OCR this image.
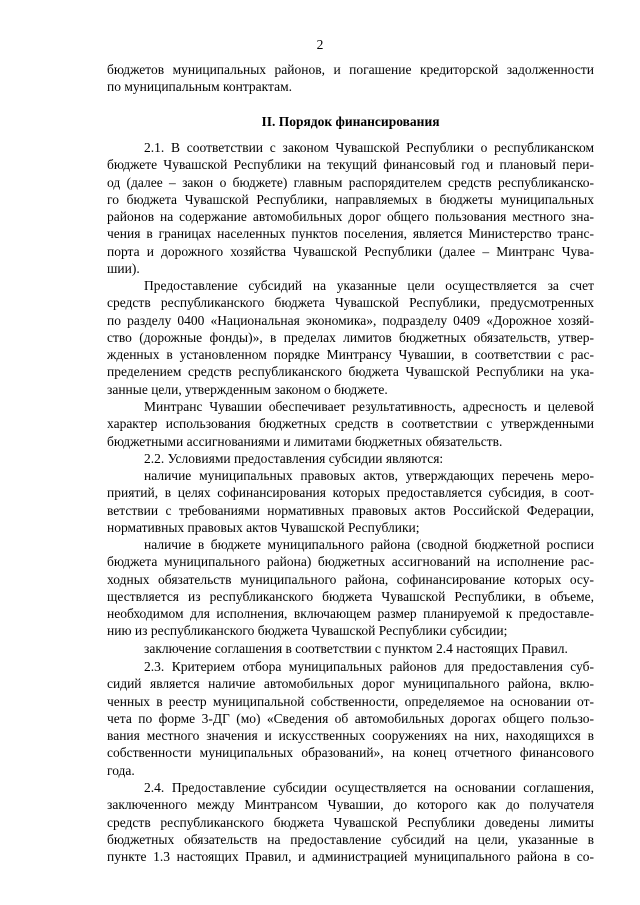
2
бюджетов муниципальных районов, и погашение кредиторской задолженности
по муниципальным контрактам.
II. Порядок финансирования
2.1. В соответствии с законом Чувашской Республики о республиканском
бюджете Чувашской Республики на текущий финансовый год и плановый пери-
од (далее – закон о бюджете) главным распорядителем средств республиканско-
го бюджета Чувашской Республики, направляемых в бюджеты муниципальных
районов на содержание автомобильных дорог общего пользования местного зна-
чения в границах населенных пунктов поселения, является Министерство транс-
порта и дорожного хозяйства Чувашской Республики (далее – Минтранс Чува-
шии).
Предоставление субсидий на указанные цели осуществляется за счет
средств республиканского бюджета Чувашской Республики, предусмотренных
по разделу 0400 «Национальная экономика», подразделу 0409 «Дорожное хозяй-
ство (дорожные фонды)», в пределах лимитов бюджетных обязательств, утвер-
жденных в установленном порядке Минтрансу Чувашии, в соответствии с рас-
пределением средств республиканского бюджета Чувашской Республики на ука-
занные цели, утвержденным законом о бюджете.
Минтранс Чувашии обеспечивает результативность, адресность и целевой
характер использования бюджетных средств в соответствии с утвержденными
бюджетными ассигнованиями и лимитами бюджетных обязательств.
2.2. Условиями предоставления субсидии являются:
наличие муниципальных правовых актов, утверждающих перечень меро-
приятий, в целях софинансирования которых предоставляется субсидия, в соот-
ветствии с требованиями нормативных правовых актов Российской Федерации,
нормативных правовых актов Чувашской Республики;
наличие в бюджете муниципального района (сводной бюджетной росписи
бюджета муниципального района) бюджетных ассигнований на исполнение рас-
ходных обязательств муниципального района, софинансирование которых осу-
ществляется из республиканского бюджета Чувашской Республики, в объеме,
необходимом для исполнения, включающем размер планируемой к предоставле-
нию из республиканского бюджета Чувашской Республики субсидии;
заключение соглашения в соответствии с пунктом 2.4 настоящих Правил.
2.3. Критерием отбора муниципальных районов для предоставления суб-
сидий является наличие автомобильных дорог муниципального района, вклю-
ченных в реестр муниципальной собственности, определяемое на основании от-
чета по форме 3-ДГ (мо) «Сведения об автомобильных дорогах общего пользо-
вания местного значения и искусственных сооружениях на них, находящихся в
собственности муниципальных образований», на конец отчетного финансового
года.
2.4. Предоставление субсидии осуществляется на основании соглашения,
заключенного между Минтрансом Чувашии, до которого как до получателя
средств республиканского бюджета Чувашской Республики доведены лимиты
бюджетных обязательств на предоставление субсидий на цели, указанные в
пункте 1.3 настоящих Правил, и администрацией муниципального района в со-
